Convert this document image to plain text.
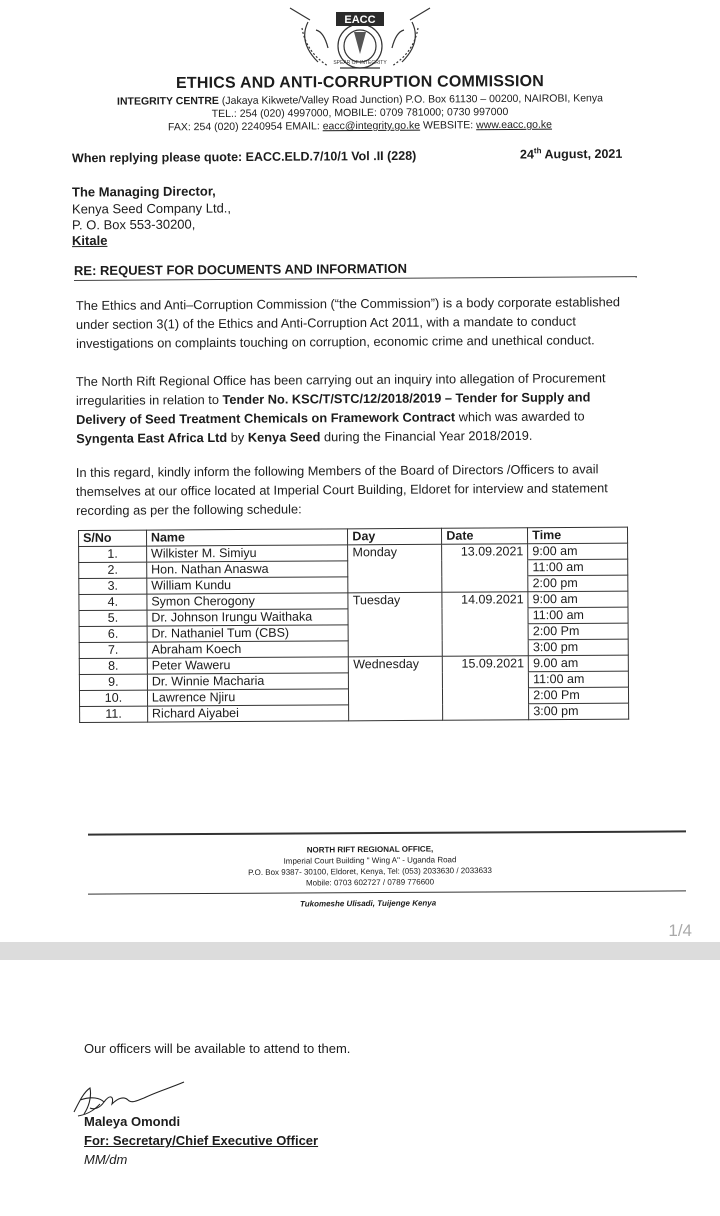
EACC
SPEAR OF INTEGRITY
ETHICS AND ANTI-CORRUPTION COMMISSION
INTEGRITY CENTRE (Jakaya Kikwete/Valley Road Junction) P.O. Box 61130 – 00200, NAIROBI, Kenya
TEL.: 254 (020) 4997000, MOBILE: 0709 781000; 0730 997000
FAX: 254 (020) 2240954 EMAIL: eacc@integrity.go.ke WEBSITE: www.eacc.go.ke
When replying please quote: EACC.ELD.7/10/1 Vol .II (228)	24th August, 2021
The Managing Director,
Kenya Seed Company Ltd.,
P. O. Box 553-30200,
Kitale
RE: REQUEST FOR DOCUMENTS AND INFORMATION
The Ethics and Anti–Corruption Commission (“the Commission”) is a body corporate established under section 3(1) of the Ethics and Anti-Corruption Act 2011, with a mandate to conduct investigations on complaints touching on corruption, economic crime and unethical conduct.
The North Rift Regional Office has been carrying out an inquiry into allegation of Procurement irregularities in relation to Tender No. KSC/T/STC/12/2018/2019 – Tender for Supply and Delivery of Seed Treatment Chemicals on Framework Contract which was awarded to Syngenta East Africa Ltd by Kenya Seed during the Financial Year 2018/2019.
In this regard, kindly inform the following Members of the Board of Directors /Officers to avail themselves at our office located at Imperial Court Building, Eldoret for interview and statement recording as per the following schedule:
S/No	Name	Day	Date	Time
1.	Wilkister M. Simiyu	Monday	13.09.2021	9:00 am
2.	Hon. Nathan Anaswa			11:00 am
3.	William Kundu			2:00 pm
4.	Symon Cherogony	Tuesday	14.09.2021	9:00 am
5.	Dr. Johnson Irungu Waithaka			11:00 am
6.	Dr. Nathaniel Tum (CBS)			2:00 Pm
7.	Abraham Koech			3:00 pm
8.	Peter Waweru	Wednesday	15.09.2021	9.00 am
9.	Dr. Winnie Macharia			11:00 am
10.	Lawrence Njiru			2:00 Pm
11.	Richard Aiyabei			3:00 pm
NORTH RIFT REGIONAL OFFICE,
Imperial Court Building " Wing A" - Uganda Road
P.O. Box 9387- 30100, Eldoret, Kenya, Tel: (053) 2033630 / 2033633
Mobile: 0703 602727 / 0789 776600
Tukomeshe Ulisadi, Tuijenge Kenya
1/4
Our officers will be available to attend to them.
Maleya Omondi
For: Secretary/Chief Executive Officer
MM/dm
